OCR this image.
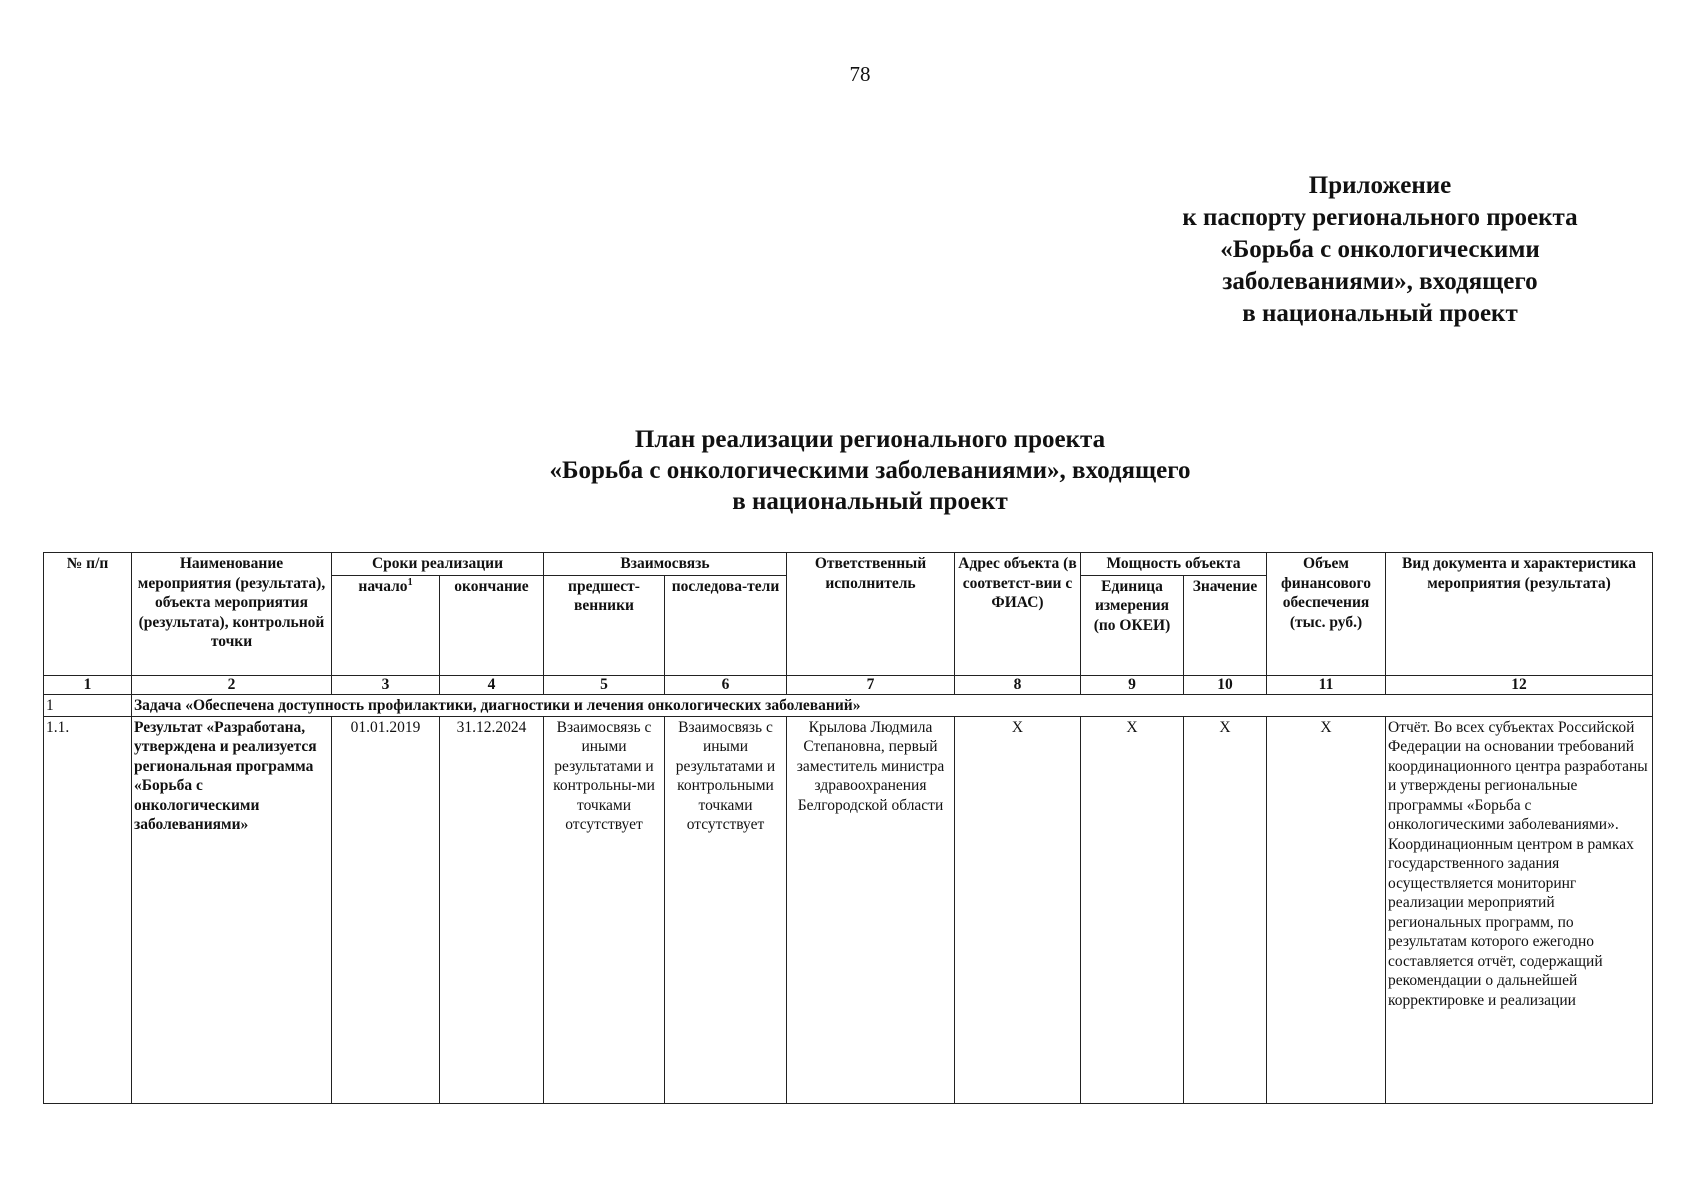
78
Приложение
к паспорту регионального проекта
«Борьба с онкологическими
заболеваниями», входящего
в национальный проект
План реализации регионального проекта
«Борьба с онкологическими заболеваниями», входящего
в национальный проект
№ п/п	Наименование мероприятия (результата), объекта мероприятия (результата), контрольной точки	Сроки реализации		Взаимосвязь		Ответственный исполнитель	Адрес объекта (в соответст-вии с ФИАС)	Мощность объекта		Объем финансового обеспечения (тыс. руб.)	Вид документа и характеристика мероприятия (результата)
		начало$^1$	окончание	предшест-венники	последова-тели			Единица измерения (по ОКЕИ)	Значение		
1	2	3	4	5	6	7	8	9	10	11	12
1	Задача «Обеспечена доступность профилактики, диагностики и лечения онкологических заболеваний»										
1.1.	Результат «Разработана, утверждена и реализуется региональная программа «Борьба с онкологическими заболеваниями»	01.01.2019	31.12.2024	Взаимосвязь с иными результатами и контрольны-ми точками отсутствует	Взаимосвязь с иными результатами и контрольными точками отсутствует	Крылова Людмила Степановна, первый заместитель министра здравоохранения Белгородской области	X	X	X	X	Отчёт. Во всех субъектах Российской Федерации на основании требований координационного центра разработаны и утверждены региональные программы «Борьба с онкологическими заболеваниями». Координационным центром в рамках государственного задания осуществляется мониторинг реализации мероприятий региональных программ, по результатам которого ежегодно составляется отчёт, содержащий рекомендации о дальнейшей корректировке и реализации
